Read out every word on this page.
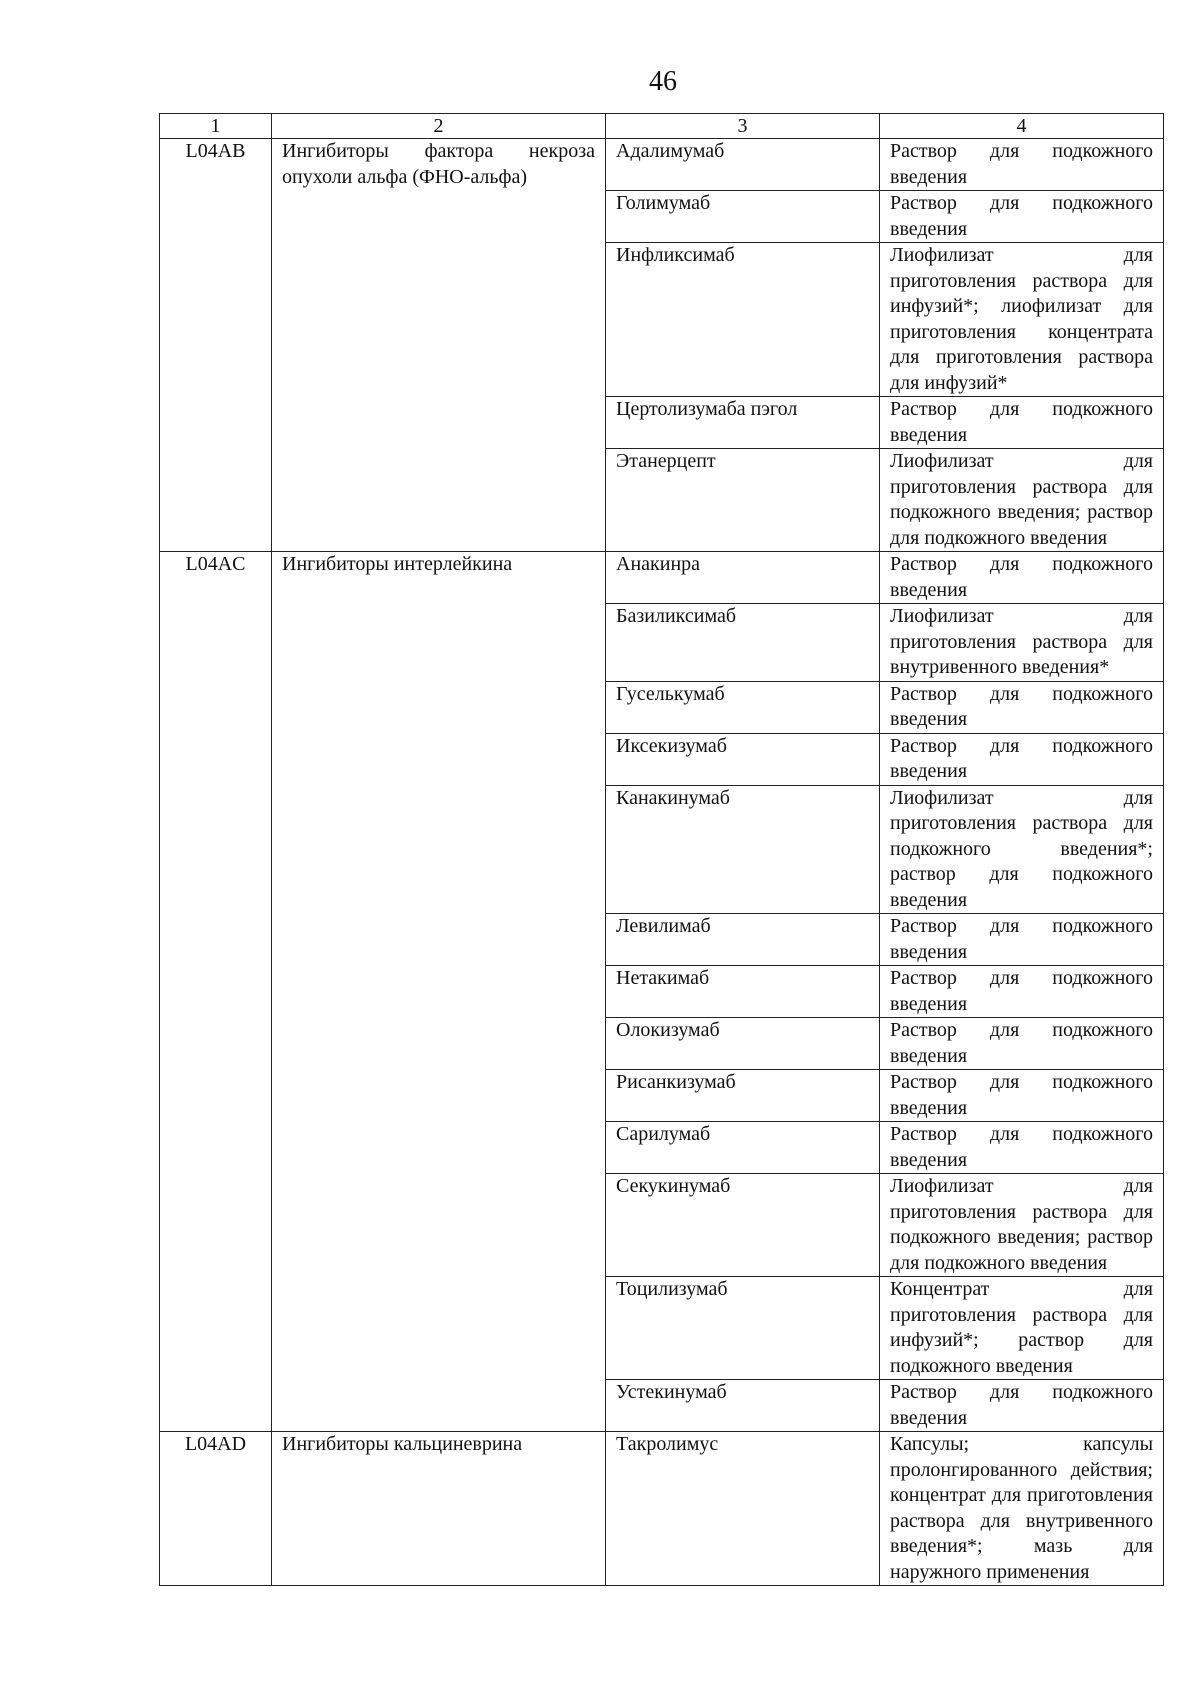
46
1	2	3	4
L04AB	Ингибиторы фактора некроза опухоли альфа (ФНО-альфа)	Адалимумаб	Раствор для подкожного введения
		Голимумаб	Раствор для подкожного введения
		Инфликсимаб	Лиофилизат для приготовления раствора для инфузий*; лиофилизат для приготовления концентрата для приготовления раствора для инфузий*
		Цертолизумаба пэгол	Раствор для подкожного введения
		Этанерцепт	Лиофилизат для приготовления раствора для подкожного введения; раствор для подкожного введения
L04AC	Ингибиторы интерлейкина	Анакинра	Раствор для подкожного введения
		Базиликсимаб	Лиофилизат для приготовления раствора для внутривенного введения*
		Гуселькумаб	Раствор для подкожного введения
		Иксекизумаб	Раствор для подкожного введения
		Канакинумаб	Лиофилизат для приготовления раствора для подкожного введения*; раствор для подкожного введения
		Левилимаб	Раствор для подкожного введения
		Нетакимаб	Раствор для подкожного введения
		Олокизумаб	Раствор для подкожного введения
		Рисанкизумаб	Раствор для подкожного введения
		Сарилумаб	Раствор для подкожного введения
		Секукинумаб	Лиофилизат для приготовления раствора для подкожного введения; раствор для подкожного введения
		Тоцилизумаб	Концентрат для приготовления раствора для инфузий*; раствор для подкожного введения
		Устекинумаб	Раствор для подкожного введения
L04AD	Ингибиторы кальциневрина	Такролимус	Капсулы; капсулы пролонгированного действия; концентрат для приготовления раствора для внутривенного введения*; мазь для наружного применения
